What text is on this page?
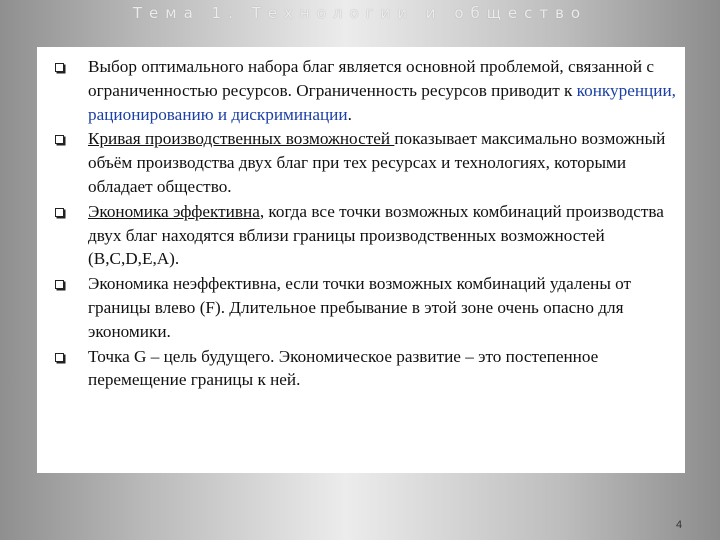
Тема 1. Технологии и общество
Выбор оптимального набора благ является основной проблемой, связанной с ограниченностью ресурсов. Ограниченность ресурсов приводит к конкуренции, рационированию и дискриминации.
Кривая производственных возможностей показывает максимально возможный объём производства двух благ при тех ресурсах и технологиях, которыми обладает общество.
Экономика эффективна, когда все точки возможных комбинаций производства двух благ находятся вблизи границы производственных возможностей (B,C,D,E,A).
Экономика неэффективна, если точки возможных комбинаций удалены от границы влево (F). Длительное пребывание в этой зоне очень опасно для экономики.
Точка G – цель будущего. Экономическое развитие – это постепенное перемещение границы к ней.
4
